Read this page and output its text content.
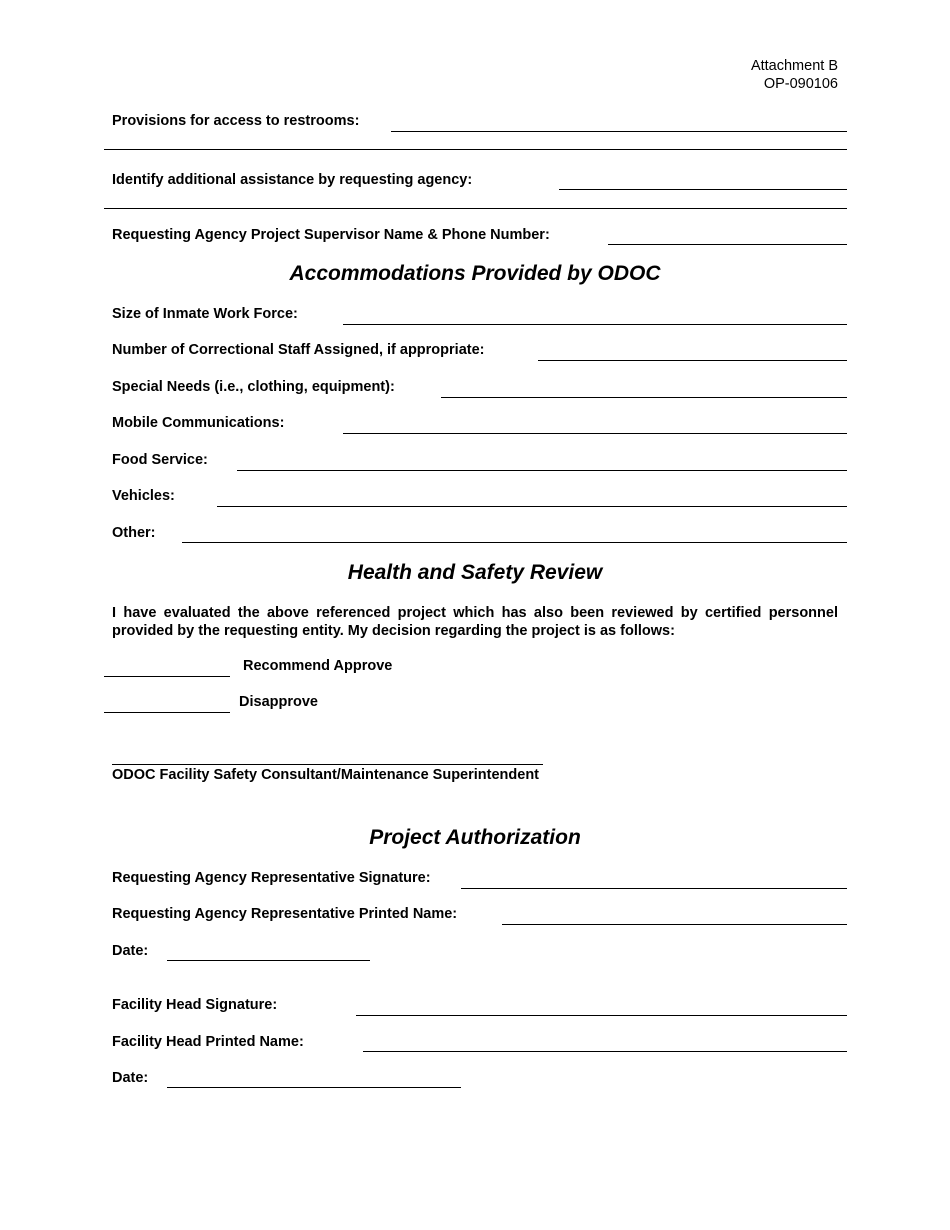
Attachment B
OP-090106
Provisions for access to restrooms:
Identify additional assistance by requesting agency:
Requesting Agency Project Supervisor Name & Phone Number:
Accommodations Provided by ODOC
Size of Inmate Work Force:
Number of Correctional Staff Assigned, if appropriate:
Special Needs (i.e., clothing, equipment):
Mobile Communications:
Food Service:
Vehicles:
Other:
Health and Safety Review
I have evaluated the above referenced project which has also been reviewed by certified personnel provided by the requesting entity. My decision regarding the project is as follows:
Recommend Approve
Disapprove
ODOC Facility Safety Consultant/Maintenance Superintendent
Project Authorization
Requesting Agency Representative Signature:
Requesting Agency Representative Printed Name:
Date:
Facility Head Signature:
Facility Head Printed Name:
Date:
